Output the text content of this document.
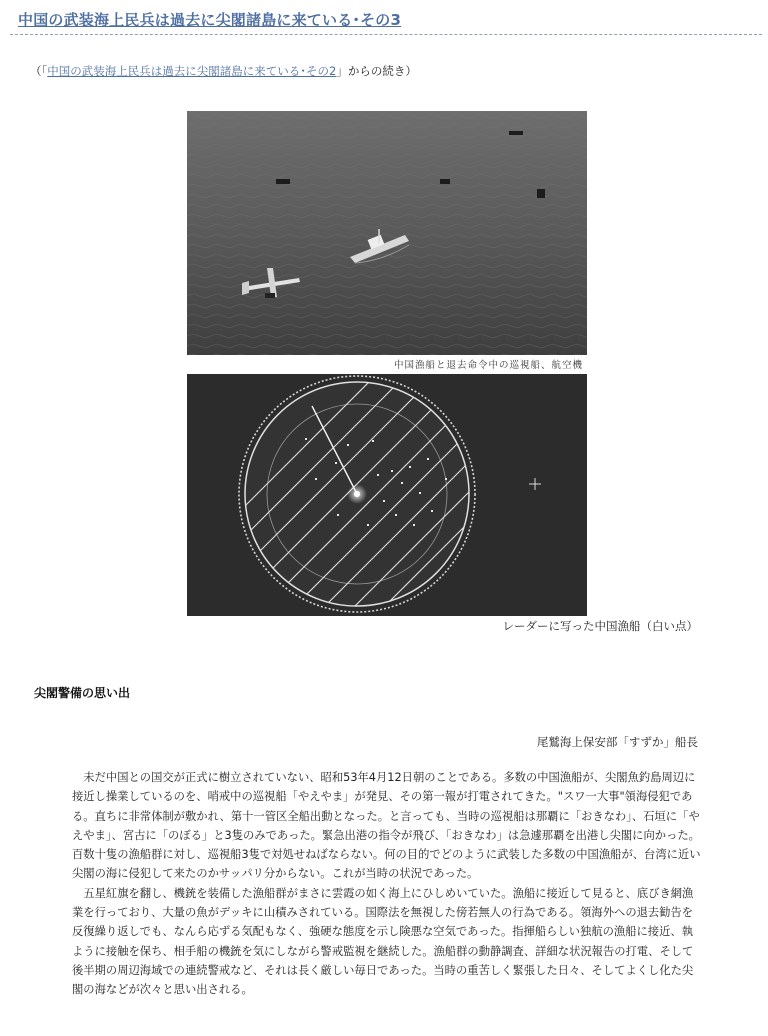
中国の武装海上民兵は過去に尖閣諸島に来ている･その3
（「中国の武装海上民兵は過去に尖閣諸島に来ている･その2」からの続き）
中国漁船と退去命令中の巡視船、航空機
レーダーに写った中国漁船（白い点）
尖閣警備の思い出
尾鷲海上保安部「すずか」船長

未だ中国との国交が正式に樹立されていない、昭和53年4月12日朝のことである。多数の中国漁船が、尖閣魚釣島周辺に接近し操業しているのを、哨戒中の巡視船「やえやま」が発見、その第一報が打電されてきた。"スワ一大事"領海侵犯である。直ちに非常体制が敷かれ、第十一管区全船出動となった。と言っても、当時の巡視船は那覇に「おきなわ」、石垣に「やえやま」、宮古に「のぼる」と3隻のみであった。緊急出港の指令が飛び、「おきなわ」は急遽那覇を出港し尖閣に向かった。百数十隻の漁船群に対し、巡視船3隻で対処せねばならない。何の目的でどのように武装した多数の中国漁船が、台湾に近い尖閣の海に侵犯して来たのかサッパリ分からない。これが当時の状況であった。

五星紅旗を翻し、機銃を装備した漁船群がまさに雲霞の如く海上にひしめいていた。漁船に接近して見ると、底びき網漁業を行っており、大量の魚がデッキに山積みされている。国際法を無視した傍若無人の行為である。領海外への退去勧告を反復繰り返しでも、なんら応ずる気配もなく、強硬な態度を示し険悪な空気であった。指揮船らしい独航の漁船に接近、執ように接触を保ち、相手船の機銃を気にしながら警戒監視を継続した。漁船群の動静調査、詳細な状況報告の打電、そして後半期の周辺海域での連続警戒など、それは長く厳しい毎日であった。当時の重苦しく緊張した日々、そしてよくし化た尖閣の海などが次々と思い出される。
